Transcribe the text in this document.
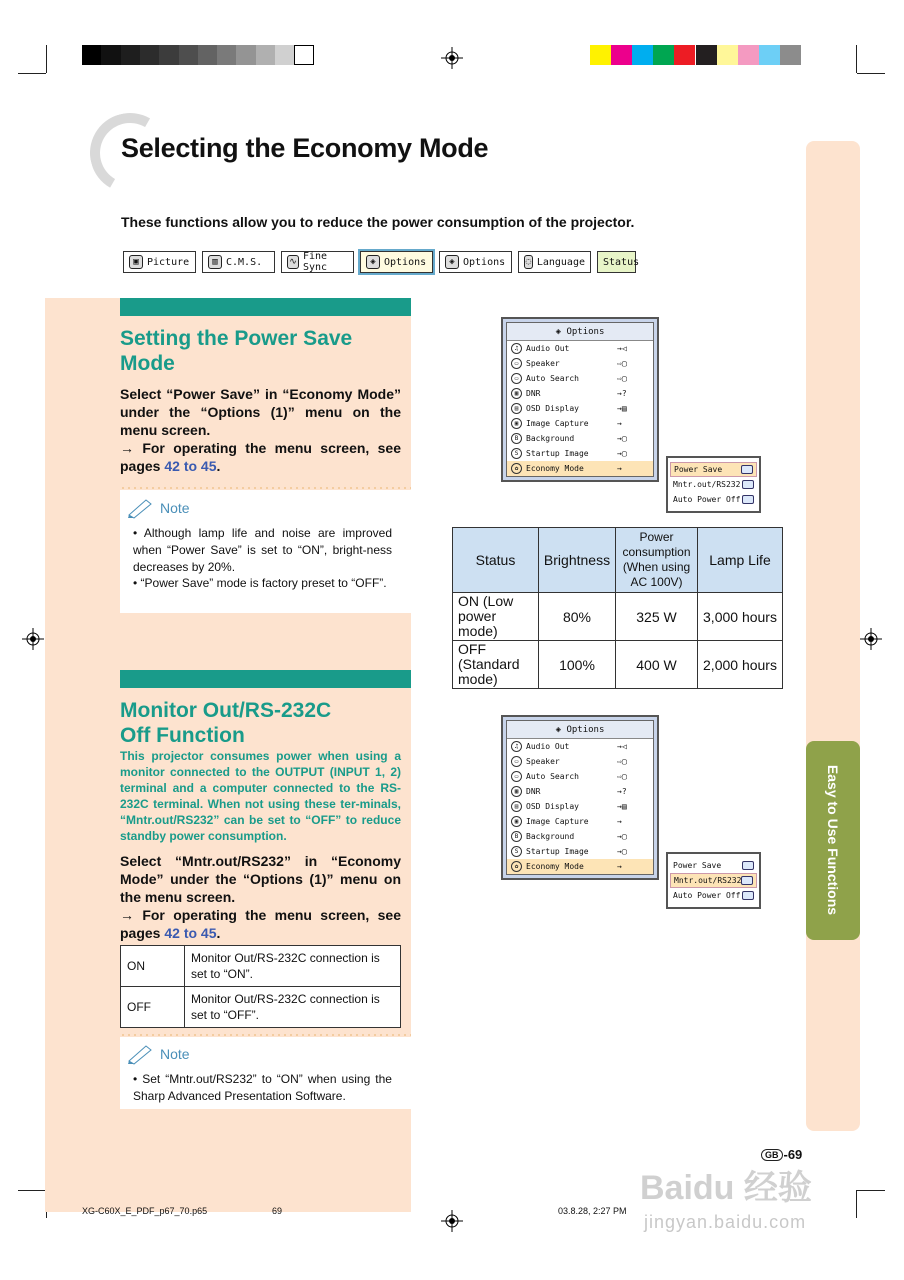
Selecting the Economy Mode

These functions allow you to reduce the power consumption of the projector.

▣ Picture	▥ C.M.S.	∿ Fine Sync	◈ Options	◈ Options ◌ Language Status
Setting the Power Save
Mode
Select “Power Save” in “Economy Mode” under the “Options (1)” menu on the menu screen.
→ For operating the menu screen, see pages 42 to 45.
Note
• Although lamp life and noise are improved when “Power Save” is set to “ON”, bright-ness decreases by 20%.
• “Power Save” mode is factory preset to “OFF”.
Monitor Out/RS-232C
Off Function
This projector consumes power when using a monitor connected to the OUTPUT (INPUT 1, 2) terminal and a computer connected to the RS-232C terminal. When not using these ter-minals, “Mntr.out/RS232” can be set to “OFF” to reduce standby power consumption.
Select “Mntr.out/RS232” in “Economy Mode” under the “Options (1)” menu on the menu screen.
→ For operating the menu screen, see pages 42 to 45.
ON	Monitor Out/RS-232C connection is set to “ON”.
OFF	Monitor Out/RS-232C connection is set to “OFF”.
Note
• Set “Mntr.out/RS232” to “ON” when using the Sharp Advanced Presentation Software.
◈ Options
♫ Audio Out	→◁
▭ Speaker	⇨▢
▭ Auto Search	⇨▢
▦ DNR	→?
▤ OSD Display	→▤
▣ Image Capture	→
B Background	→▢
S Startup Image	→▢
✿ Economy Mode	→	Power Save
Mntr.out/RS232
Auto Power Off
Status	Brightness	Power consumption (When using AC 100V)	Lamp Life
ON (Low power mode)	80%	325 W	3,000 hours
OFF (Standard mode)	100%	400 W	2,000 hours
◈ Options
♫ Audio Out	→◁
▭ Speaker	⇨▢
▭ Auto Search	⇨▢
▦ DNR	→?
▤ OSD Display	→▤
▣ Image Capture	→
B Background	→▢
S Startup Image	→▢
✿ Economy Mode	→	Power Save
Mntr.out/RS232
Auto Power Off	Easy to Use Functions
GB -69
Baidu 经验
jingyan.baidu.com
XG-C60X_E_PDF_p67_70.p65	69	03.8.28, 2:27 PM
